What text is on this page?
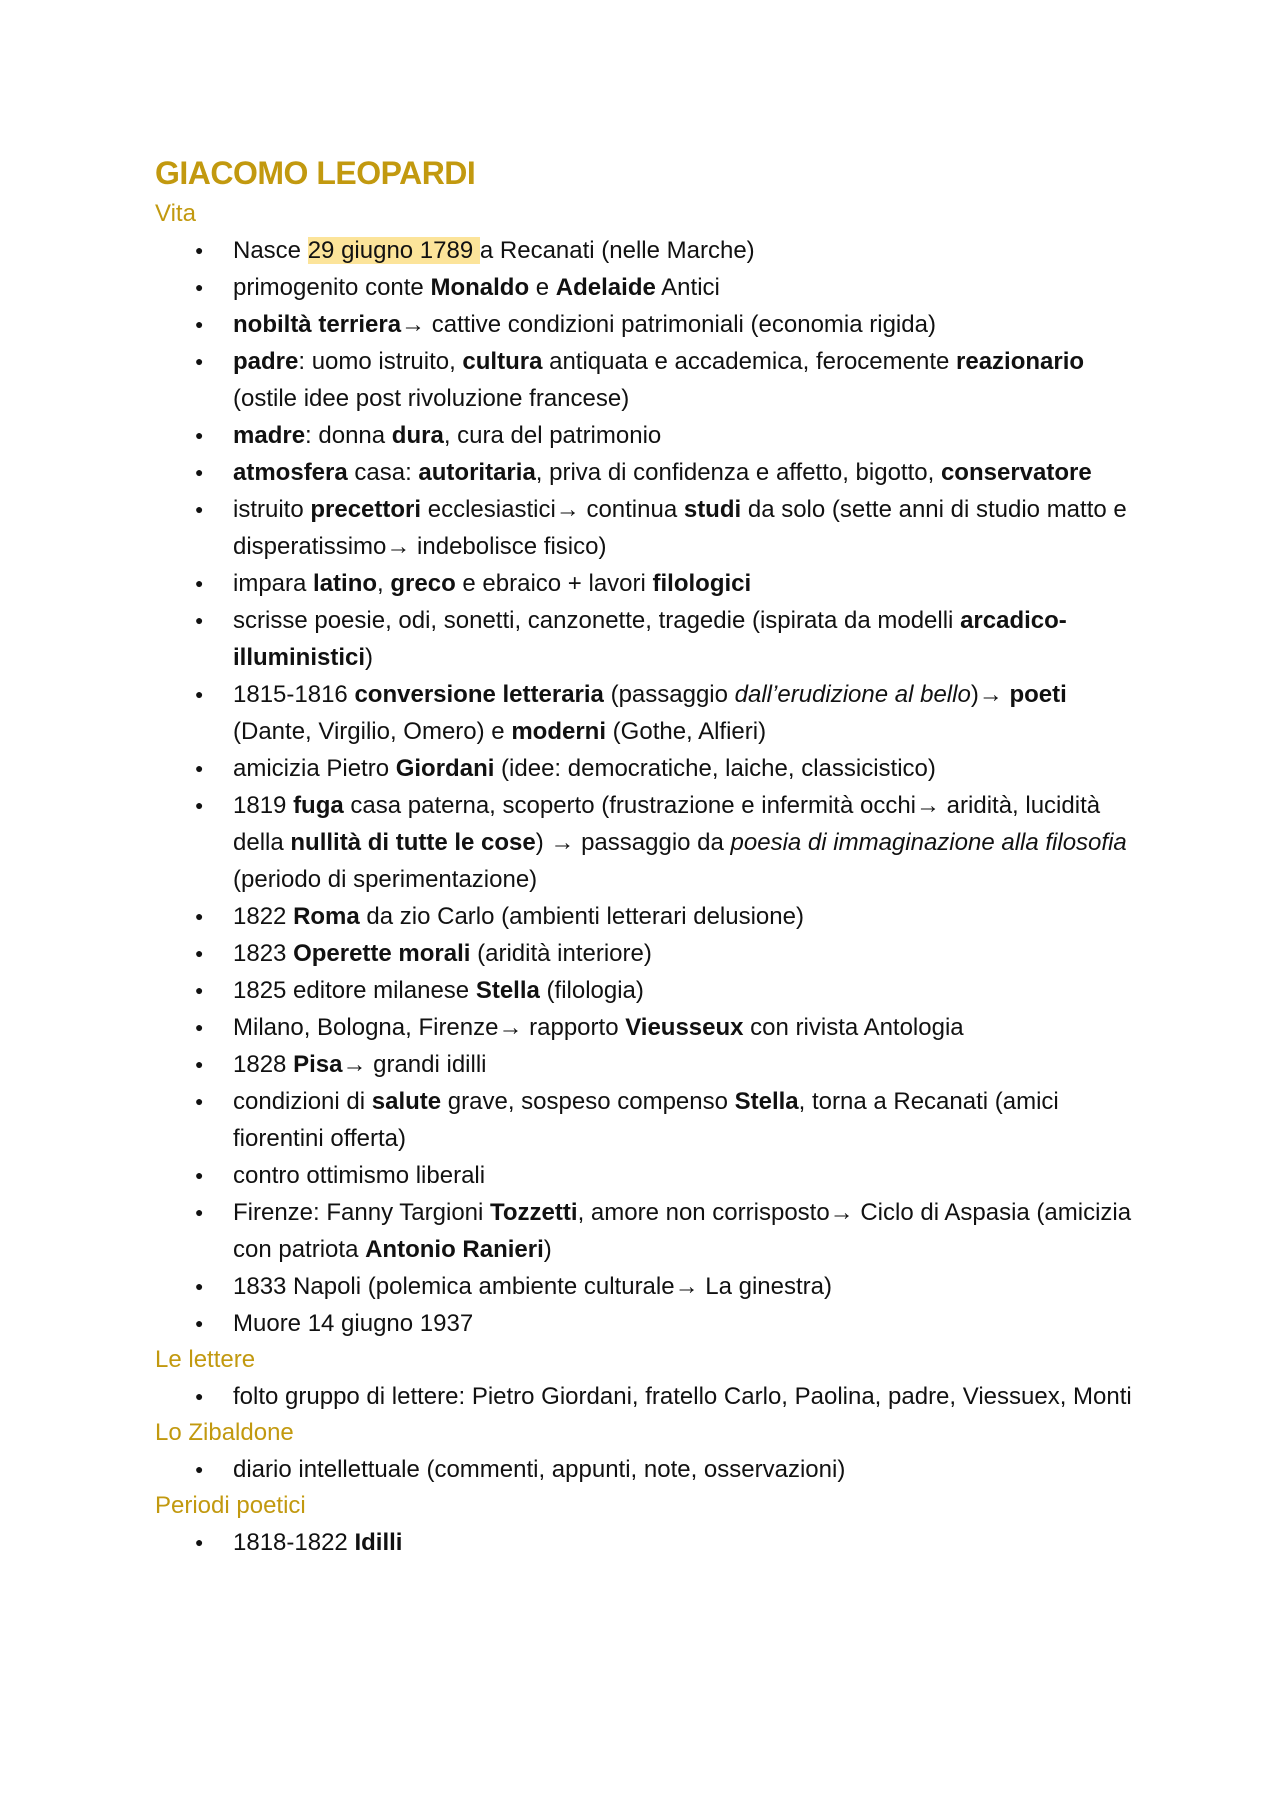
GIACOMO LEOPARDI
Vita
● Nasce 29 giugno 1789 a Recanati (nelle Marche)
● primogenito conte Monaldo e Adelaide Antici
● nobiltà terriera→ cattive condizioni patrimoniali (economia rigida)
● padre: uomo istruito, cultura antiquata e accademica, ferocemente reazionario (ostile idee post rivoluzione francese)
● madre: donna dura, cura del patrimonio
● atmosfera casa: autoritaria, priva di confidenza e affetto, bigotto, conservatore
● istruito precettori ecclesiastici→ continua studi da solo (sette anni di studio matto e disperatissimo→ indebolisce fisico)
● impara latino, greco e ebraico + lavori filologici
● scrisse poesie, odi, sonetti, canzonette, tragedie (ispirata da modelli arcadico-illuministici)
● 1815-1816 conversione letteraria (passaggio dall’erudizione al bello)→ poeti (Dante, Virgilio, Omero) e moderni (Gothe, Alfieri)
● amicizia Pietro Giordani (idee: democratiche, laiche, classicistico)
● 1819 fuga casa paterna, scoperto (frustrazione e infermità occhi→ aridità, lucidità della nullità di tutte le cose) → passaggio da poesia di immaginazione alla filosofia (periodo di sperimentazione)
● 1822 Roma da zio Carlo (ambienti letterari delusione)
● 1823 Operette morali (aridità interiore)
● 1825 editore milanese Stella (filologia)
● Milano, Bologna, Firenze→ rapporto Vieusseux con rivista Antologia
● 1828 Pisa→ grandi idilli
● condizioni di salute grave, sospeso compenso Stella, torna a Recanati (amici fiorentini offerta)
● contro ottimismo liberali
● Firenze: Fanny Targioni Tozzetti, amore non corrisposto→ Ciclo di Aspasia (amicizia con patriota Antonio Ranieri)
● 1833 Napoli (polemica ambiente culturale→ La ginestra)
● Muore 14 giugno 1937
Le lettere
● folto gruppo di lettere: Pietro Giordani, fratello Carlo, Paolina, padre, Viessuex, Monti
Lo Zibaldone
● diario intellettuale (commenti, appunti, note, osservazioni)
Periodi poetici
● 1818-1822 Idilli
